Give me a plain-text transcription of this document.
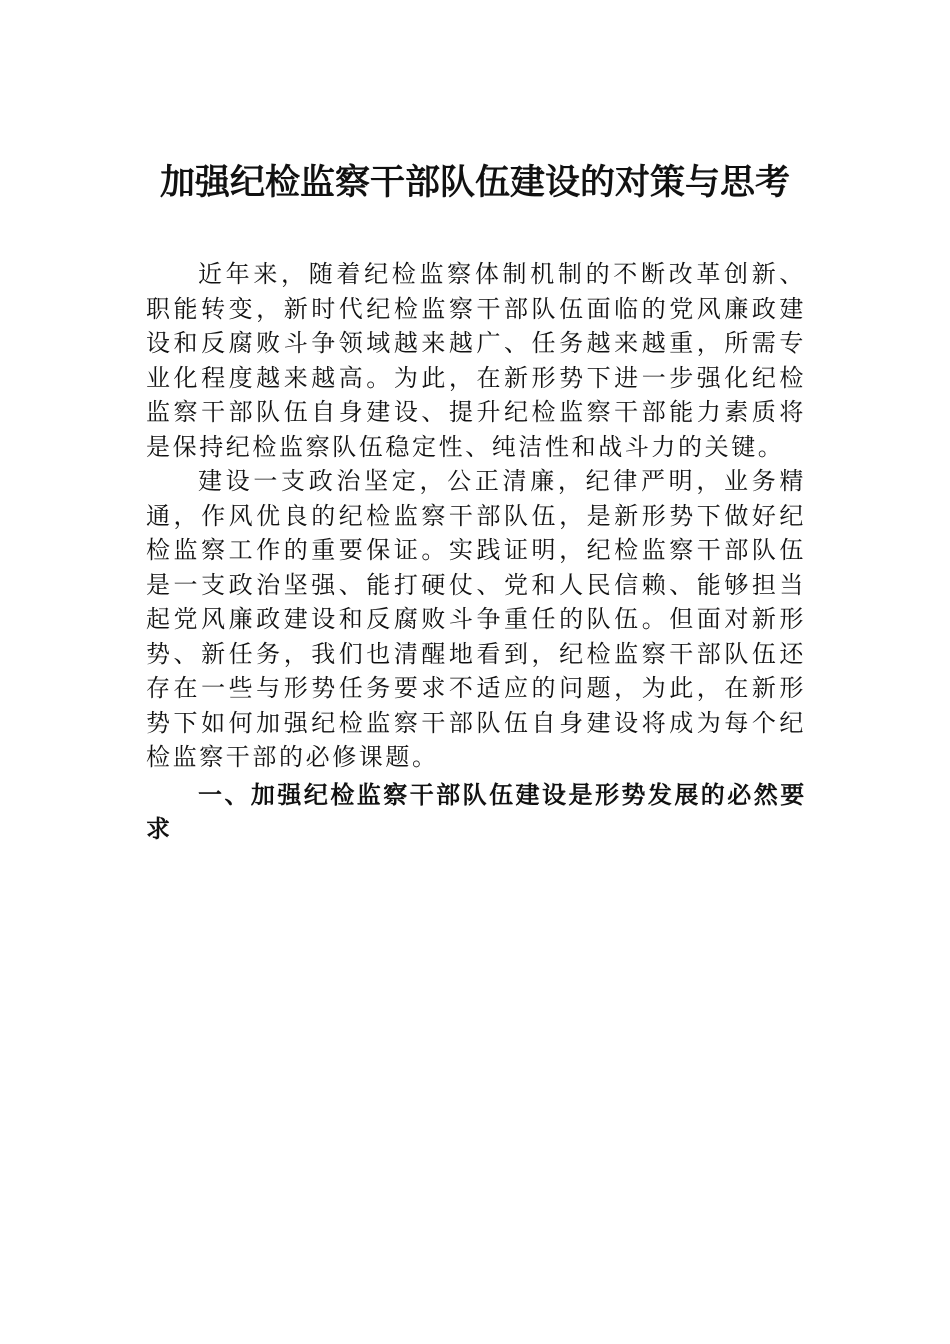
加强纪检监察干部队伍建设的对策与思考

近年来，随着纪检监察体制机制的不断改革创新、职能转变，新时代纪检监察干部队伍面临的党风廉政建设和反腐败斗争领域越来越广、任务越来越重，所需专业化程度越来越高。为此，在新形势下进一步强化纪检监察干部队伍自身建设、提升纪检监察干部能力素质将是保持纪检监察队伍稳定性、纯洁性和战斗力的关键。

建设一支政治坚定，公正清廉，纪律严明，业务精通，作风优良的纪检监察干部队伍，是新形势下做好纪检监察工作的重要保证。实践证明，纪检监察干部队伍是一支政治坚强、能打硬仗、党和人民信赖、能够担当起党风廉政建设和反腐败斗争重任的队伍。但面对新形势、新任务，我们也清醒地看到，纪检监察干部队伍还存在一些与形势任务要求不适应的问题，为此，在新形势下如何加强纪检监察干部队伍自身建设将成为每个纪检监察干部的必修课题。

一、加强纪检监察干部队伍建设是形势发展的必然要求
